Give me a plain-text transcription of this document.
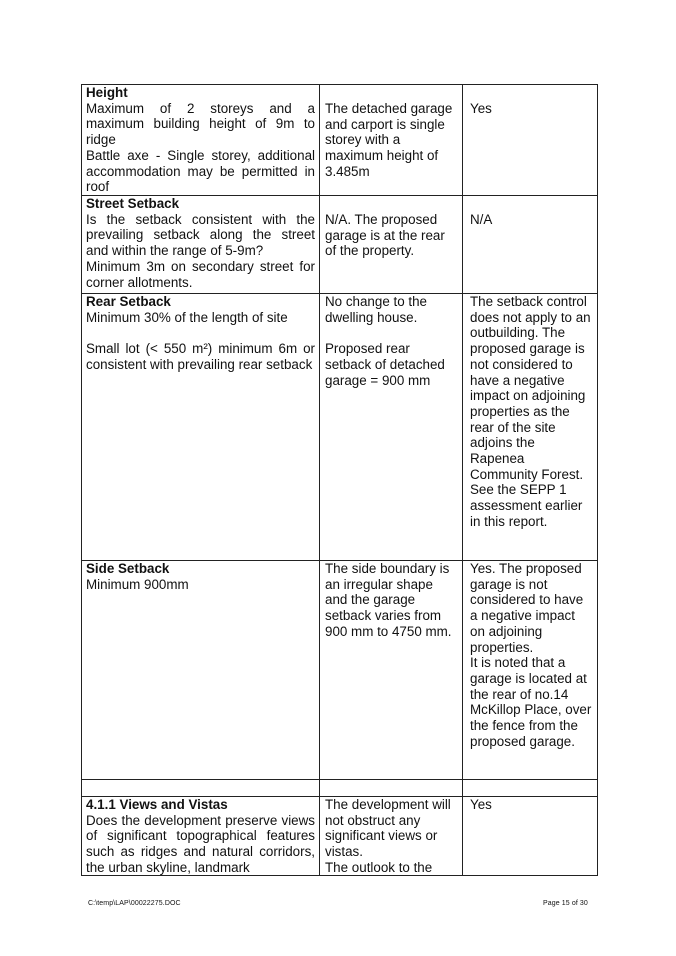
Height
Maximum of 2 storeys and a maximum building height of 9m to ridge
Battle axe - Single storey, additional accommodation may be permitted in roof
The detached garage and carport is single storey with a maximum height of 3.485m
Yes
Street Setback
Is the setback consistent with the prevailing setback along the street and within the range of 5-9m?
Minimum 3m on secondary street for corner allotments.
N/A. The proposed garage is at the rear of the property.
N/A
Rear Setback
Minimum 30% of the length of site
Small lot (< 550 m²) minimum 6m or consistent with prevailing rear setback
No change to the dwelling house.
Proposed rear setback of detached garage = 900 mm
The setback control does not apply to an outbuilding. The proposed garage is not considered to have a negative impact on adjoining properties as the rear of the site adjoins the Rapenea Community Forest. See the SEPP 1 assessment earlier in this report.
Side Setback
Minimum 900mm
The side boundary is an irregular shape and the garage setback varies from 900 mm to 4750 mm.
Yes. The proposed garage is not considered to have a negative impact on adjoining properties.
It is noted that a garage is located at the rear of no.14 McKillop Place, over the fence from the proposed garage.
4.1.1 Views and Vistas
Does the development preserve views of significant topographical features such as ridges and natural corridors, the urban skyline, landmark
The development will not obstruct any significant views or vistas.
The outlook to the
Yes
C:\temp\LAP\00022275.DOC	Page 15 of 30
